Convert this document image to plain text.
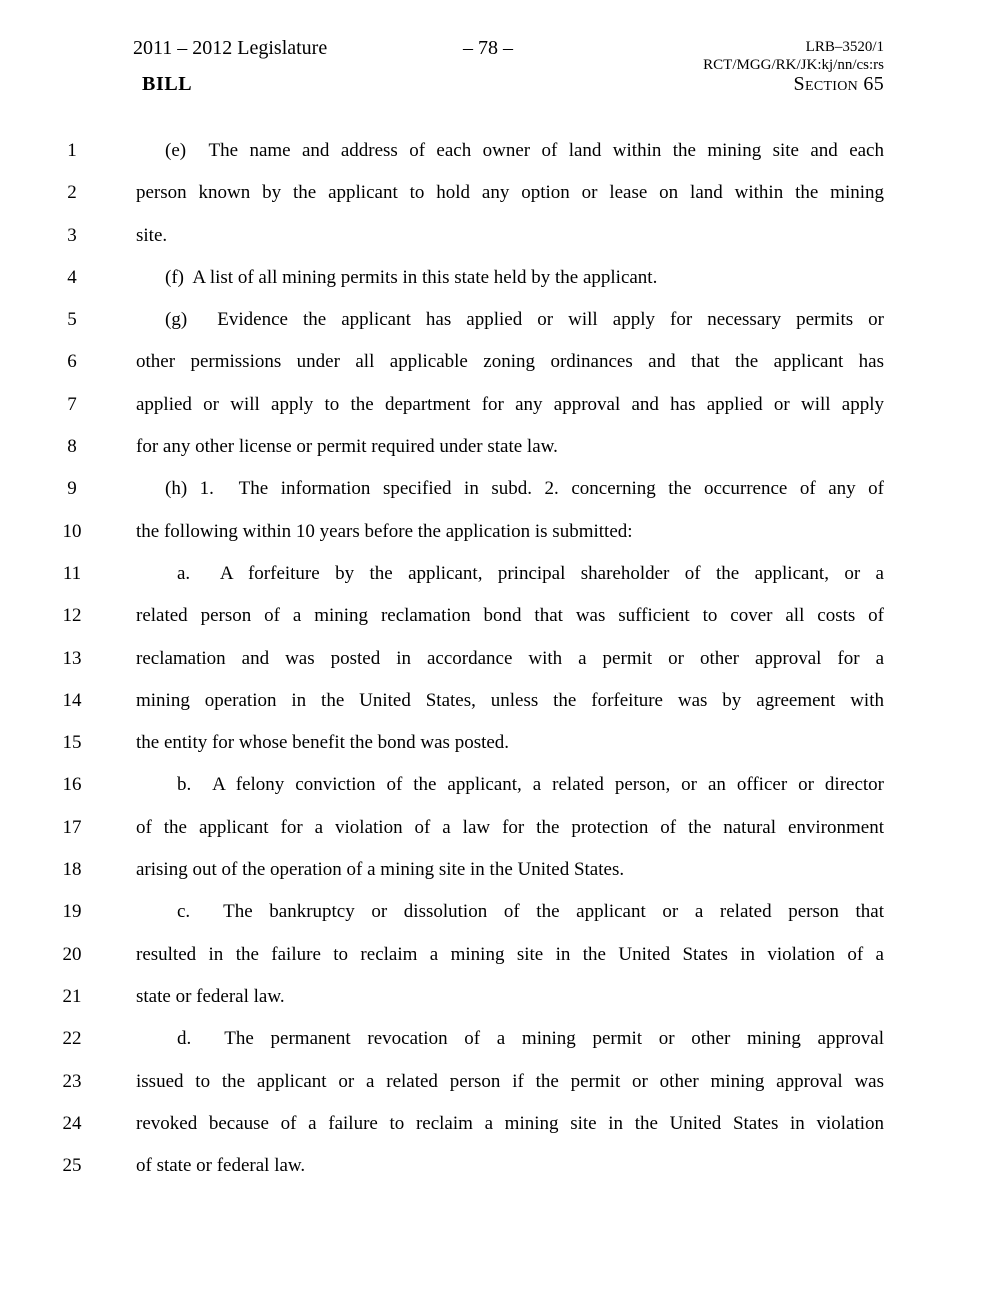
2011 – 2012 Legislature	– 78 –	LRB–3520/1
RCT/MGG/RK/JK:kj/nn/cs:rs
BILL	Section 65
1	(e)  The name and address of each owner of land within the mining site and each
2	person known by the applicant to hold any option or lease on land within the mining
3	site.
4	(f)  A list of all mining permits in this state held by the applicant.
5	(g)  Evidence the applicant has applied or will apply for necessary permits or
6	other permissions under all applicable zoning ordinances and that the applicant has
7	applied or will apply to the department for any approval and has applied or will apply
8	for any other license or permit required under state law.
9	(h) 1.  The information specified in subd. 2. concerning the occurrence of any of
10	the following within 10 years before the application is submitted:
11	a.  A forfeiture by the applicant, principal shareholder of the applicant, or a
12	related person of a mining reclamation bond that was sufficient to cover all costs of
13	reclamation and was posted in accordance with a permit or other approval for a
14	mining operation in the United States, unless the forfeiture was by agreement with
15	the entity for whose benefit the bond was posted.
16	b.  A felony conviction of the applicant, a related person, or an officer or director
17	of the applicant for a violation of a law for the protection of the natural environment
18	arising out of the operation of a mining site in the United States.
19	c.  The bankruptcy or dissolution of the applicant or a related person that
20	resulted in the failure to reclaim a mining site in the United States in violation of a
21	state or federal law.
22	d.  The permanent revocation of a mining permit or other mining approval
23	issued to the applicant or a related person if the permit or other mining approval was
24	revoked because of a failure to reclaim a mining site in the United States in violation
25	of state or federal law.
